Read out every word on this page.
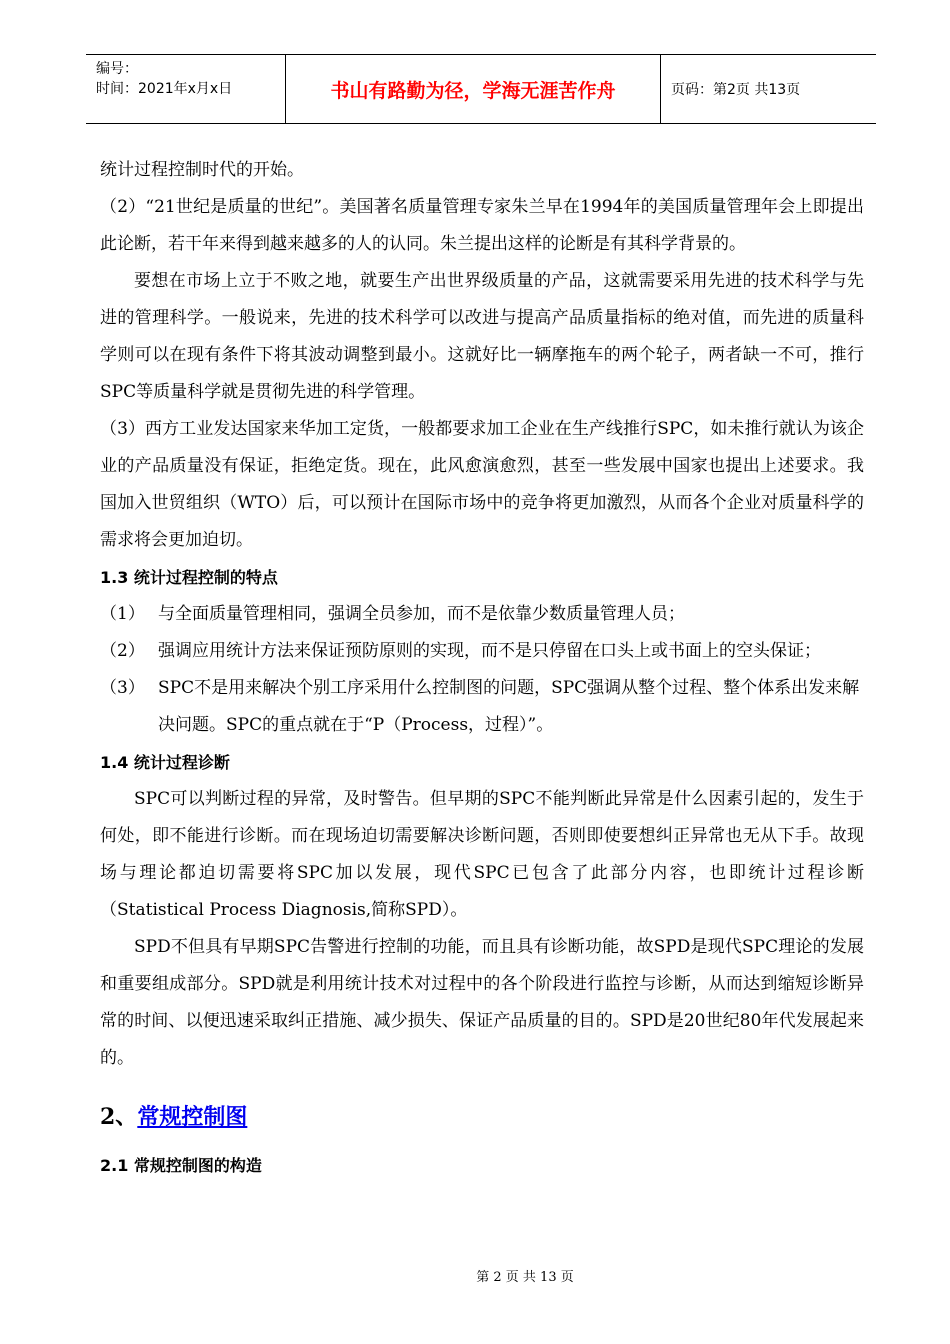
编号：
时间：2021年x月x日	书山有路勤为径，学海无涯苦作舟	页码：第2页 共13页

统计过程控制时代的开始。

（2）“21世纪是质量的世纪”。美国著名质量管理专家朱兰早在1994年的美国质量管理年会上即提出此论断，若干年来得到越来越多的人的认同。朱兰提出这样的论断是有其科学背景的。

要想在市场上立于不败之地，就要生产出世界级质量的产品，这就需要采用先进的技术科学与先进的管理科学。一般说来，先进的技术科学可以改进与提高产品质量指标的绝对值，而先进的质量科学则可以在现有条件下将其波动调整到最小。这就好比一辆摩拖车的两个轮子，两者缺一不可，推行SPC等质量科学就是贯彻先进的科学管理。

（3）西方工业发达国家来华加工定货，一般都要求加工企业在生产线推行SPC，如未推行就认为该企业的产品质量没有保证，拒绝定货。现在，此风愈演愈烈，甚至一些发展中国家也提出上述要求。我国加入世贸组织（WTO）后，可以预计在国际市场中的竞争将更加激烈，从而各个企业对质量科学的需求将会更加迫切。

1.3 统计过程控制的特点
（1） 与全面质量管理相同，强调全员参加，而不是依靠少数质量管理人员；
（2） 强调应用统计方法来保证预防原则的实现，而不是只停留在口头上或书面上的空头保证；
（3） SPC不是用来解决个别工序采用什么控制图的问题，SPC强调从整个过程、整个体系出发来解决问题。SPC的重点就在于“P（Process，过程）”。
1.4 统计过程诊断

SPC可以判断过程的异常，及时警告。但早期的SPC不能判断此异常是什么因素引起的，发生于何处，即不能进行诊断。而在现场迫切需要解决诊断问题，否则即使要想纠正异常也无从下手。故现场与理论都迫切需要将SPC加以发展，现代SPC已包含了此部分内容，也即统计过程诊断（Statistical Process Diagnosis,简称SPD）。

SPD不但具有早期SPC告警进行控制的功能，而且具有诊断功能，故SPD是现代SPC理论的发展和重要组成部分。SPD就是利用统计技术对过程中的各个阶段进行监控与诊断，从而达到缩短诊断异常的时间、以便迅速采取纠正措施、减少损失、保证产品质量的目的。SPD是20世纪80年代发展起来的。

2、常规控制图
2.1 常规控制图的构造
第 2 页 共 13 页
